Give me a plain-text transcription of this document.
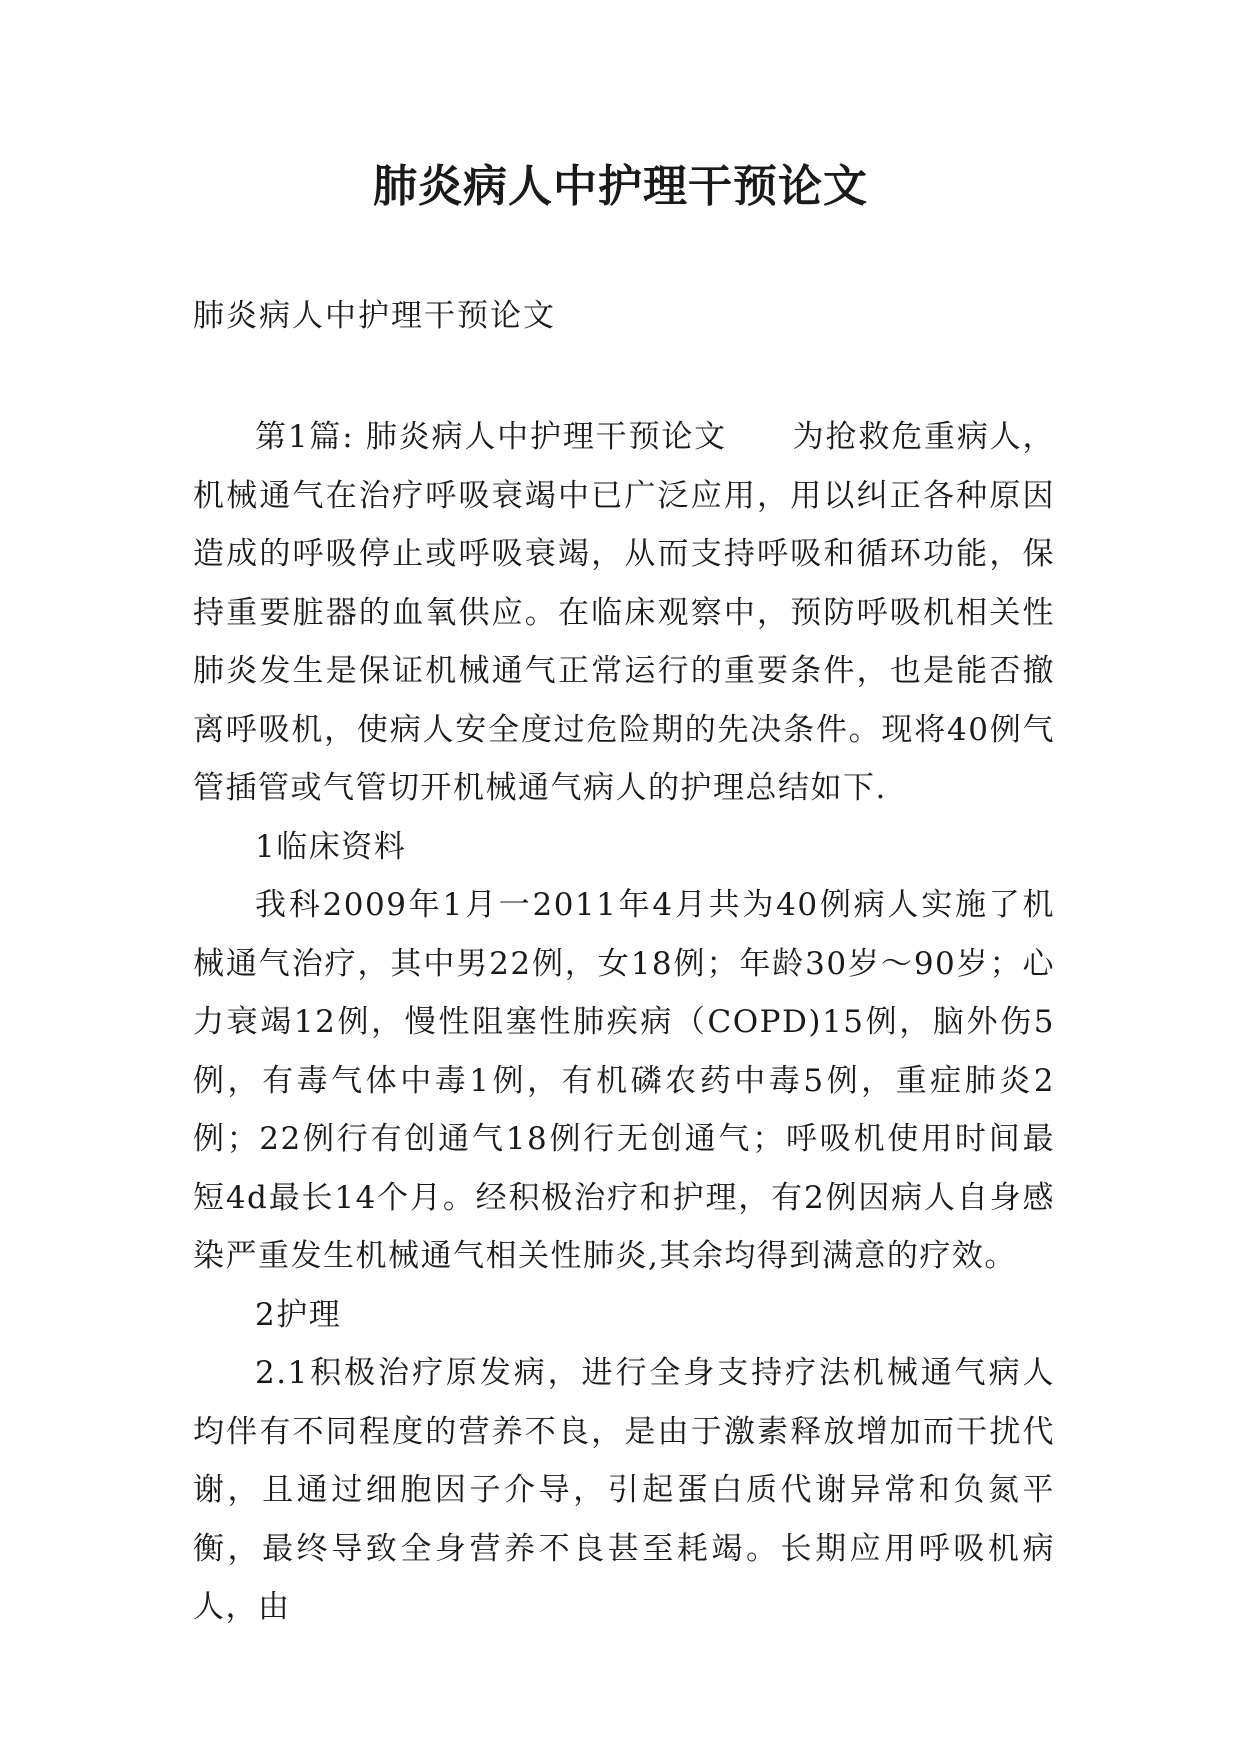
肺炎病人中护理干预论文

肺炎病人中护理干预论文

第1篇: 肺炎病人中护理干预论文　　为抢救危重病人，机械通气在治疗呼吸衰竭中已广泛应用，用以纠正各种原因造成的呼吸停止或呼吸衰竭，从而支持呼吸和循环功能，保持重要脏器的血氧供应。在临床观察中，预防呼吸机相关性肺炎发生是保证机械通气正常运行的重要条件，也是能否撤离呼吸机，使病人安全度过危险期的先决条件。现将40例气管插管或气管切开机械通气病人的护理总结如下.

1临床资料

我科2009年1月一2011年4月共为40例病人实施了机械通气治疗，其中男22例，女18例；年龄30岁～90岁；心力衰竭12例，慢性阻塞性肺疾病（COPD)15例，脑外伤5例，有毒气体中毒1例，有机磷农药中毒5例，重症肺炎2例；22例行有创通气18例行无创通气；呼吸机使用时间最短4d最长14个月。经积极治疗和护理，有2例因病人自身感染严重发生机械通气相关性肺炎,其余均得到满意的疗效。

2护理

2.1积极治疗原发病，进行全身支持疗法机械通气病人均伴有不同程度的营养不良，是由于激素释放增加而干扰代谢，且通过细胞因子介导，引起蛋白质代谢异常和负氮平衡，最终导致全身营养不良甚至耗竭。长期应用呼吸机病人，由
